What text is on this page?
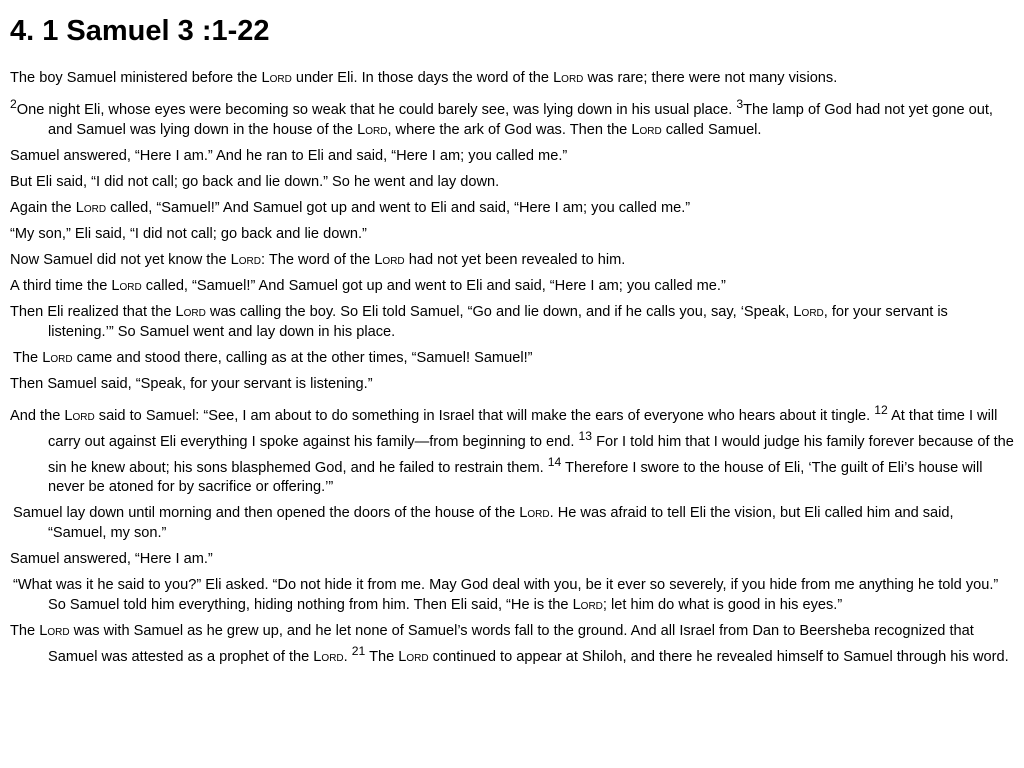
4. 1 Samuel 3 :1-22

The boy Samuel ministered before the Lord under Eli. In those days the word of the Lord was rare; there were not many visions.

$^2$One night Eli, whose eyes were becoming so weak that he could barely see, was lying down in his usual place. $^3$The lamp of God had not yet gone out, and Samuel was lying down in the house of the Lord, where the ark of God was. Then the Lord called Samuel.

Samuel answered, “Here I am.” And he ran to Eli and said, “Here I am; you called me.”

But Eli said, “I did not call; go back and lie down.” So he went and lay down.

Again the Lord called, “Samuel!” And Samuel got up and went to Eli and said, “Here I am; you called me.”

“My son,” Eli said, “I did not call; go back and lie down.”

Now Samuel did not yet know the Lord: The word of the Lord had not yet been revealed to him.

A third time the Lord called, “Samuel!” And Samuel got up and went to Eli and said, “Here I am; you called me.”

Then Eli realized that the Lord was calling the boy. So Eli told Samuel, “Go and lie down, and if he calls you, say, ‘Speak, Lord, for your servant is listening.’” So Samuel went and lay down in his place.

The Lord came and stood there, calling as at the other times, “Samuel! Samuel!”

Then Samuel said, “Speak, for your servant is listening.”

And the Lord said to Samuel: “See, I am about to do something in Israel that will make the ears of everyone who hears about it tingle. $^{12}$ At that time I will carry out against Eli everything I spoke against his family—from beginning to end. $^{13}$ For I told him that I would judge his family forever because of the sin he knew about; his sons blasphemed God, and he failed to restrain them. $^{14}$ Therefore I swore to the house of Eli, ‘The guilt of Eli’s house will never be atoned for by sacrifice or offering.’”

Samuel lay down until morning and then opened the doors of the house of the Lord. He was afraid to tell Eli the vision, but Eli called him and said, “Samuel, my son.”

Samuel answered, “Here I am.”

“What was it he said to you?” Eli asked. “Do not hide it from me. May God deal with you, be it ever so severely, if you hide from me anything he told you.” So Samuel told him everything, hiding nothing from him. Then Eli said, “He is the Lord; let him do what is good in his eyes.”

The Lord was with Samuel as he grew up, and he let none of Samuel’s words fall to the ground. And all Israel from Dan to Beersheba recognized that Samuel was attested as a prophet of the Lord. $^{21}$ The Lord continued to appear at Shiloh, and there he revealed himself to Samuel through his word.
